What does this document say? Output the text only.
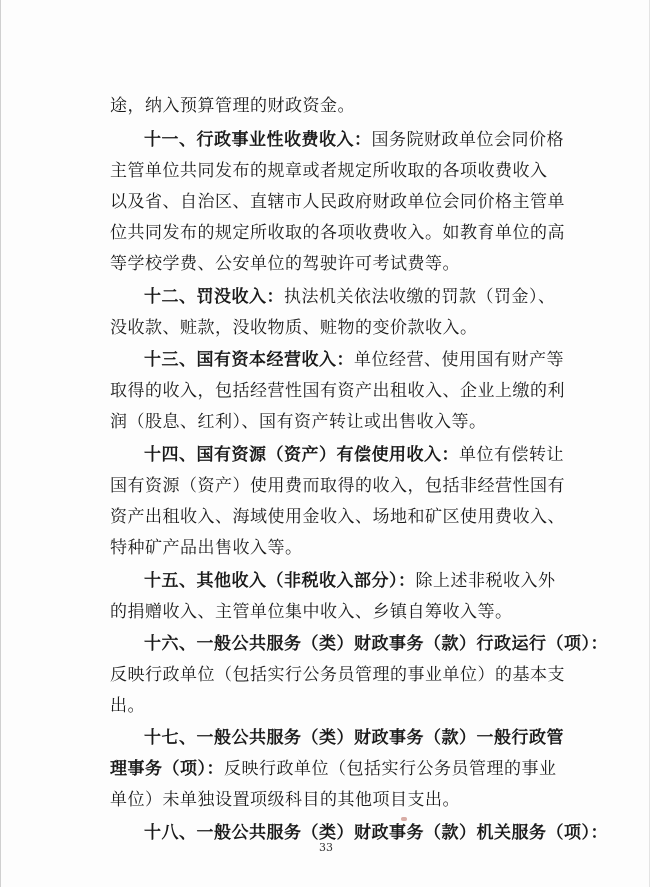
途，纳入预算管理的财政资金。
十一、行政事业性收费收入：国务院财政单位会同价格
主管单位共同发布的规章或者规定所收取的各项收费收入
以及省、自治区、直辖市人民政府财政单位会同价格主管单
位共同发布的规定所收取的各项收费收入。如教育单位的高
等学校学费、公安单位的驾驶许可考试费等。
十二、罚没收入：执法机关依法收缴的罚款（罚金）、
没收款、赃款，没收物质、赃物的变价款收入。
十三、国有资本经营收入：单位经营、使用国有财产等
取得的收入，包括经营性国有资产出租收入、企业上缴的利
润（股息、红利）、国有资产转让或出售收入等。
十四、国有资源（资产）有偿使用收入：单位有偿转让
国有资源（资产）使用费而取得的收入，包括非经营性国有
资产出租收入、海域使用金收入、场地和矿区使用费收入、
特种矿产品出售收入等。
十五、其他收入（非税收入部分）：除上述非税收入外
的捐赠收入、主管单位集中收入、乡镇自筹收入等。
十六、一般公共服务（类）财政事务（款）行政运行（项）：
反映行政单位（包括实行公务员管理的事业单位）的基本支
出。
十七、一般公共服务（类）财政事务（款）一般行政管
理事务（项）：反映行政单位（包括实行公务员管理的事业
单位）未单独设置项级科目的其他项目支出。
十八、一般公共服务（类）财政事务（款）机关服务（项）：
33
